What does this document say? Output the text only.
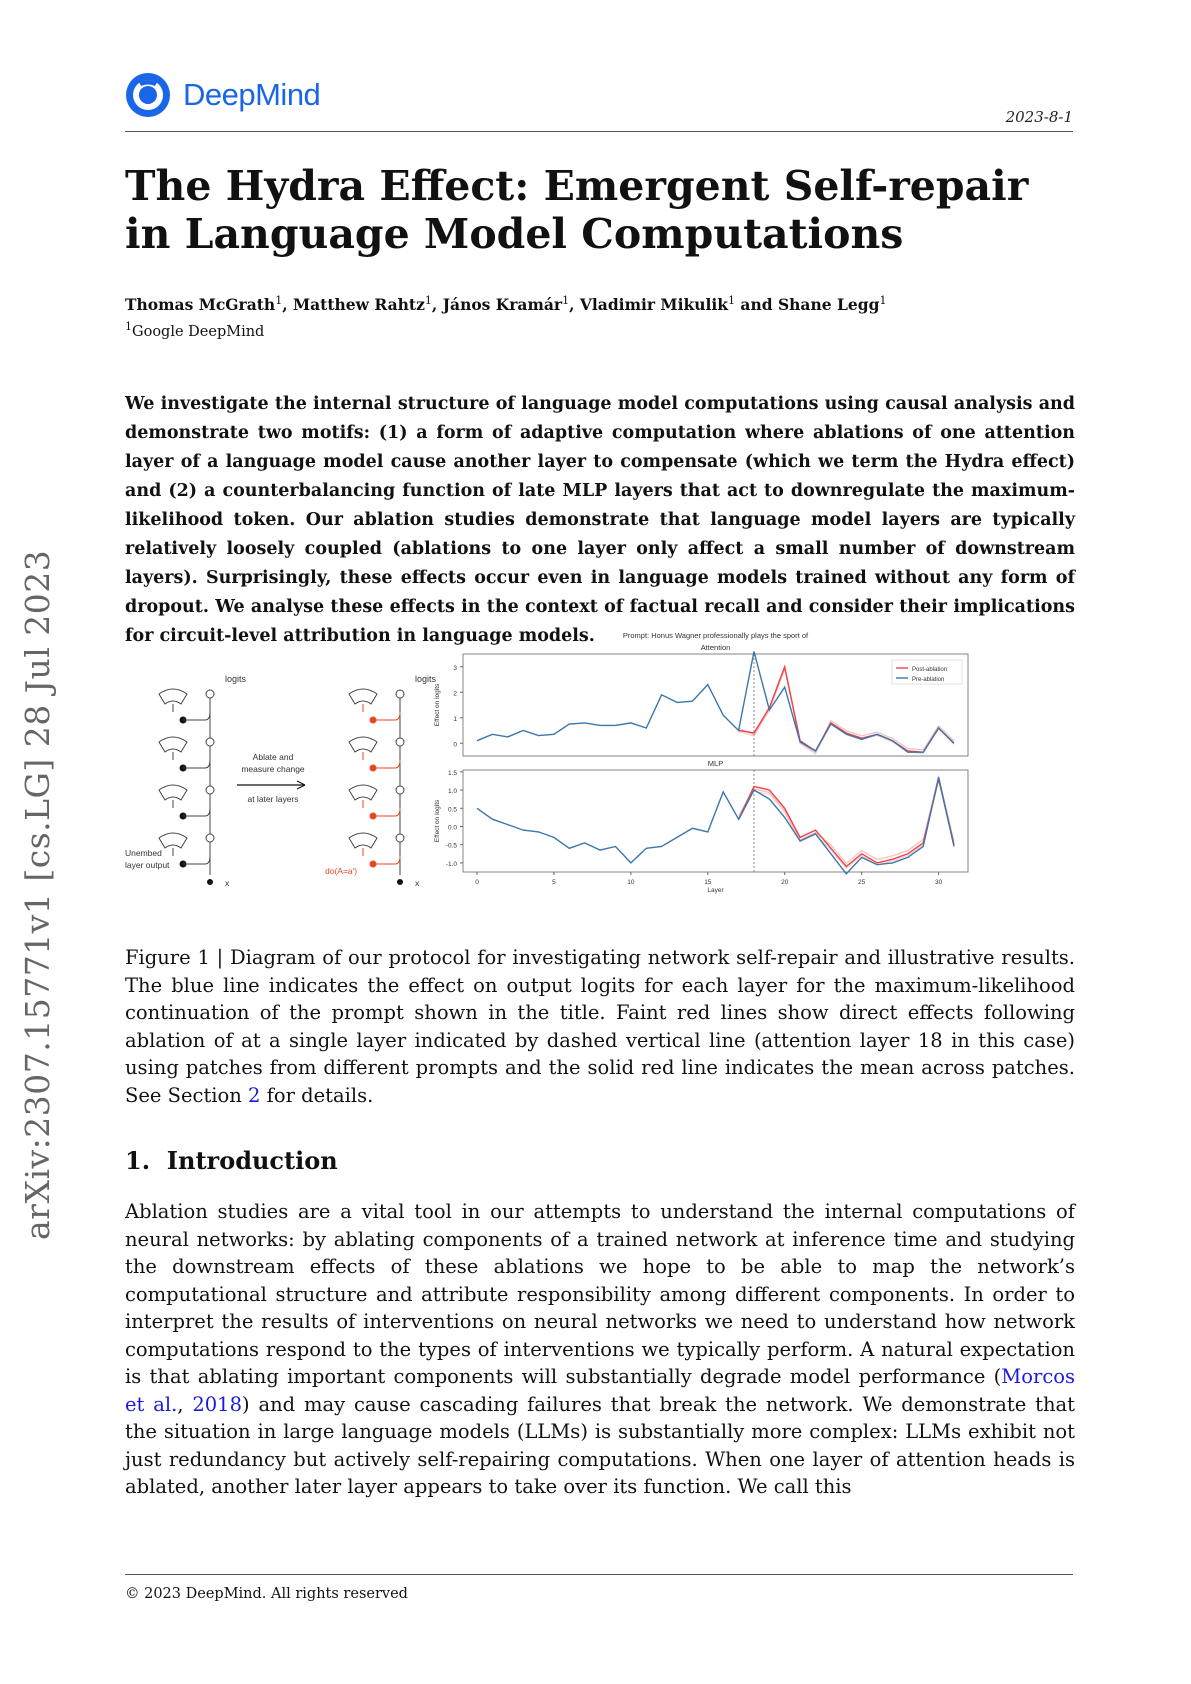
DeepMind
2023-8-1
arXiv:2307.15771v1 [cs.LG] 28 Jul 2023
The Hydra Effect: Emergent Self-repair in Language Model Computations
Thomas McGrath$^1$, Matthew Rahtz$^1$, János Kramár$^1$, Vladimir Mikulik$^1$ and Shane Legg$^1$
$^1$Google DeepMind
We investigate the internal structure of language model computations using causal analysis and demonstrate two motifs: (1) a form of adaptive computation where ablations of one attention layer of a language model cause another layer to compensate (which we term the Hydra effect) and (2) a counterbalancing function of late MLP layers that act to downregulate the maximum-likelihood token. Our ablation studies demonstrate that language model layers are typically relatively loosely coupled (ablations to one layer only affect a small number of downstream layers). Surprisingly, these effects occur even in language models trained without any form of dropout. We analyse these effects in the context of factual recall and consider their implications for circuit-level attribution in language models.
logits	logits
Ablate and
measure change
at later layers
Unembed
layer output
do(A=a')
x	x
0
1
2
3
Effect on logits
Attention
Prompt: Honus Wagner professionally plays the sport of
Post-ablation
Pre-ablation
-1.0
-0.5
0.0
0.5
1.0
1.5
Effect on logits
MLP
0	5	10	15	20	25	30
Layer
Figure 1 | Diagram of our protocol for investigating network self-repair and illustrative results. The blue line indicates the effect on output logits for each layer for the maximum-likelihood continuation of the prompt shown in the title. Faint red lines show direct effects following ablation of at a single layer indicated by dashed vertical line (attention layer 18 in this case) using patches from different prompts and the solid red line indicates the mean across patches. See Section 2 for details.
1. Introduction
Ablation studies are a vital tool in our attempts to understand the internal computations of neural networks: by ablating components of a trained network at inference time and studying the downstream effects of these ablations we hope to be able to map the network’s computational structure and attribute responsibility among different components. In order to interpret the results of interventions on neural networks we need to understand how network computations respond to the types of interventions we typically perform. A natural expectation is that ablating important components will substantially degrade model performance (Morcos et al., 2018) and may cause cascading failures that break the network. We demonstrate that the situation in large language models (LLMs) is substantially more complex: LLMs exhibit not just redundancy but actively self-repairing computations. When one layer of attention heads is ablated, another later layer appears to take over its function. We call this
© 2023 DeepMind. All rights reserved
